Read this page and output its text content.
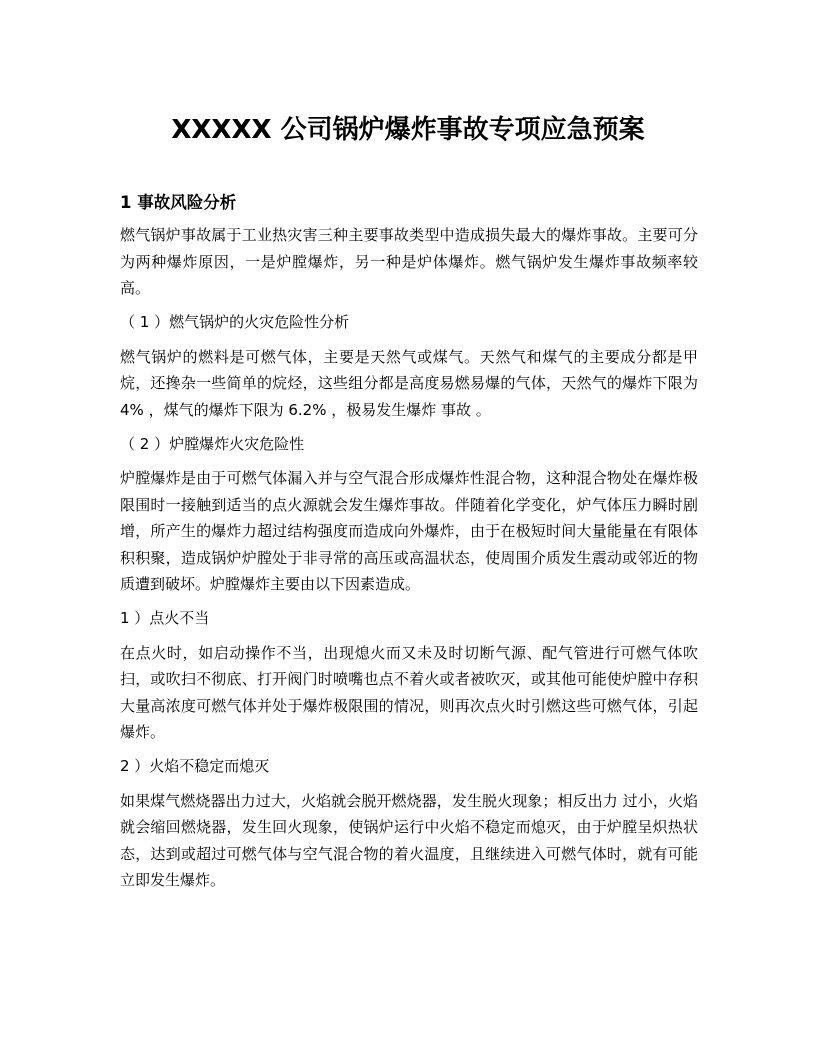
XXXXX 公司锅炉爆炸事故专项应急预案
1 事故风险分析

燃气锅炉事故属于工业热灾害三种主要事故类型中造成损失最大的爆炸事故。主要可分为两种爆炸原因，一是炉膛爆炸，另一种是炉体爆炸。燃气锅炉发生爆炸事故频率较高。

（ 1 ）燃气锅炉的火灾危险性分析

燃气锅炉的燃料是可燃气体，主要是天然气或煤气。天然气和煤气的主要成分都是甲烷，还搀杂一些简单的烷烃，这些组分都是高度易燃易爆的气体，天然气的爆炸下限为 4% ，煤气的爆炸下限为 6.2% ，极易发生爆炸 事故 。

（ 2 ）炉膛爆炸火灾危险性

炉膛爆炸是由于可燃气体漏入并与空气混合形成爆炸性混合物，这种混合物处在爆炸极限围时一接触到适当的点火源就会发生爆炸事故。伴随着化学变化，炉气体压力瞬时剧增，所产生的爆炸力超过结构强度而造成向外爆炸，由于在极短时间大量能量在有限体积积聚，造成锅炉炉膛处于非寻常的高压或高温状态，使周围介质发生震动或邻近的物质遭到破坏。炉膛爆炸主要由以下因素造成。

1 ）点火不当

在点火时，如启动操作不当，出现熄火而又未及时切断气源、配气管进行可燃气体吹扫，或吹扫不彻底、打开阀门时喷嘴也点不着火或者被吹灭，或其他可能使炉膛中存积大量高浓度可燃气体并处于爆炸极限围的情况，则再次点火时引燃这些可燃气体，引起爆炸。

2 ）火焰不稳定而熄灭

如果煤气燃烧器出力过大，火焰就会脱开燃烧器，发生脱火现象；相反出力 过小，火焰就会缩回燃烧器，发生回火现象，使锅炉运行中火焰不稳定而熄灭，由于炉膛呈炽热状态，达到或超过可燃气体与空气混合物的着火温度，且继续进入可燃气体时，就有可能立即发生爆炸。
